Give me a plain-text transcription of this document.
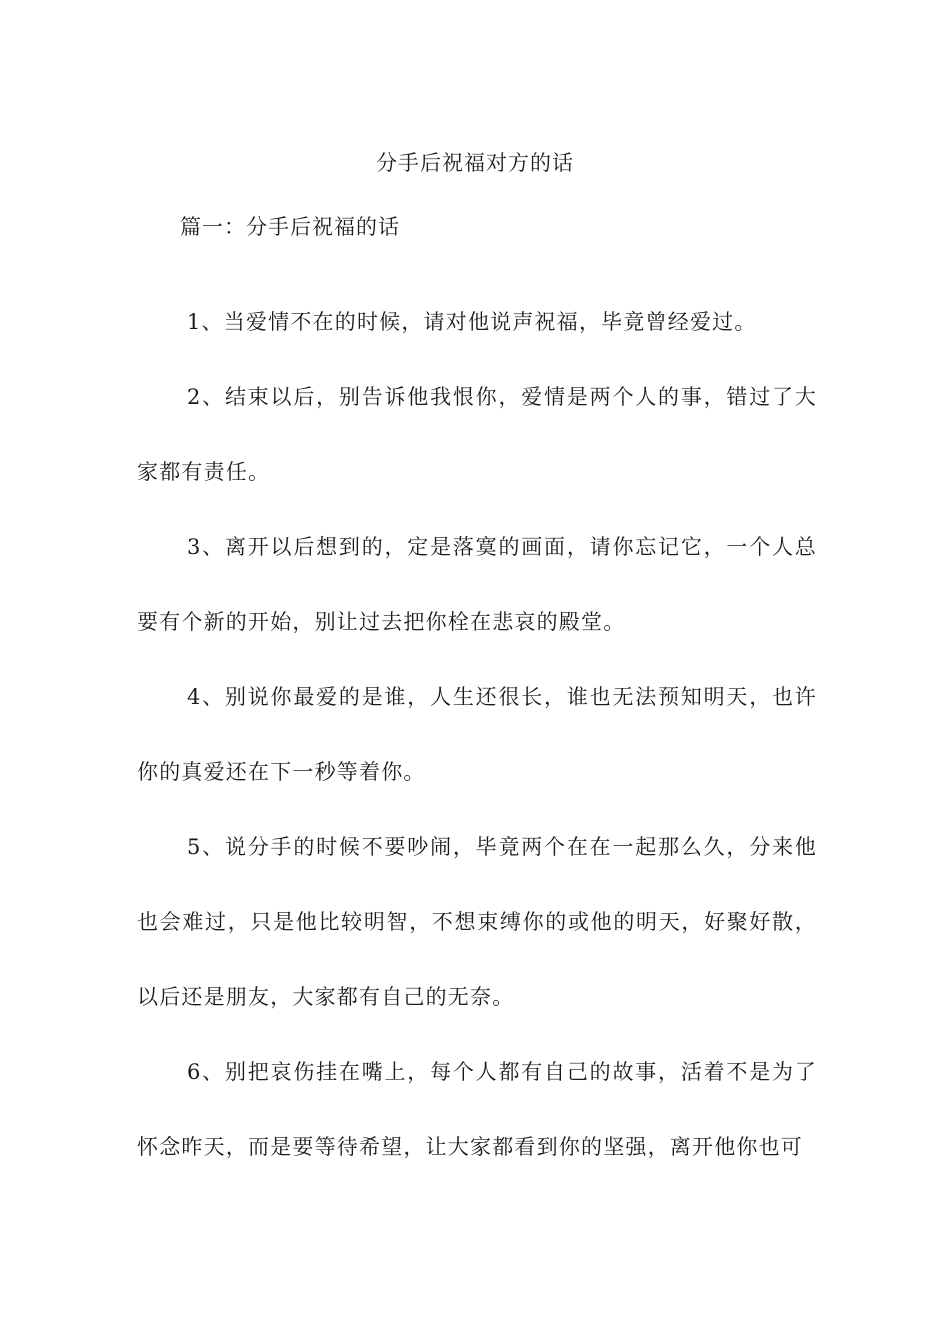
分手后祝福对方的话
篇一：分手后祝福的话

1、当爱情不在的时候，请对他说声祝福，毕竟曾经爱过。

2、结束以后，别告诉他我恨你，爱情是两个人的事，错过了大家都有责任。

3、离开以后想到的，定是落寞的画面，请你忘记它，一个人总要有个新的开始，别让过去把你栓在悲哀的殿堂。

4、别说你最爱的是谁，人生还很长，谁也无法预知明天，也许你的真爱还在下一秒等着你。

5、说分手的时候不要吵闹，毕竟两个在在一起那么久，分来他也会难过，只是他比较明智，不想束缚你的或他的明天，好聚好散，以后还是朋友，大家都有自己的无奈。

6、别把哀伤挂在嘴上，每个人都有自己的故事，活着不是为了怀念昨天，而是要等待希望，让大家都看到你的坚强，离开他你也可
